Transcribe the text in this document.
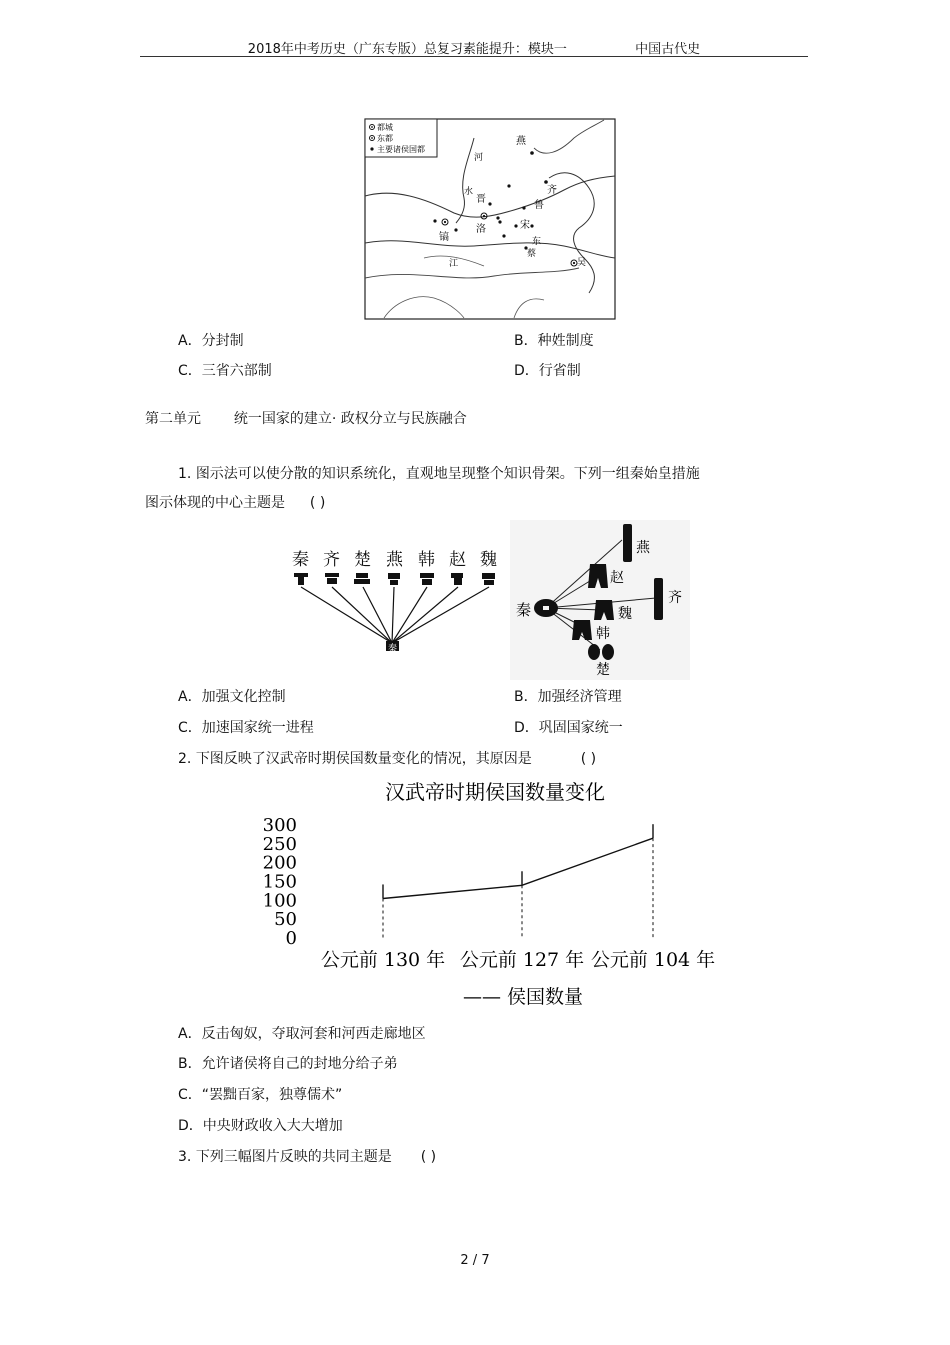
2018年中考历史（广东专版）总复习素能提升：模块一	中国古代史
都城
东都
主要诸侯国都
燕
齐
晋
鲁
宋
镐
洛
吴
蔡
河
水
江
东
A．分封制	B．种姓制度
C．三省六部制	D．行省制
第二单元 统一国家的建立· 政权分立与民族融合
1. 图示法可以使分散的知识系统化，直观地呈现整个知识骨架。下列一组秦始皇措施
图示体现的中心主题是 ( )
秦 齐 楚 燕 韩 赵 魏
秦
秦
燕
赵
齐
魏
韩
楚
A．加强文化控制	B．加强经济管理
C．加速国家统一进程	D．巩固国家统一
2. 下图反映了汉武帝时期侯国数量变化的情况，其原因是	( )
汉武帝时期侯国数量变化
300
250
200
150
100
50
0
公元前 130 年 公元前 127 年 公元前 104 年
—— 侯国数量
A．反击匈奴，夺取河套和河西走廊地区
B．允许诸侯将自己的封地分给子弟
C．“罢黜百家，独尊儒术”
D．中央财政收入大大增加
3. 下列三幅图片反映的共同主题是 ( )
2 / 7
